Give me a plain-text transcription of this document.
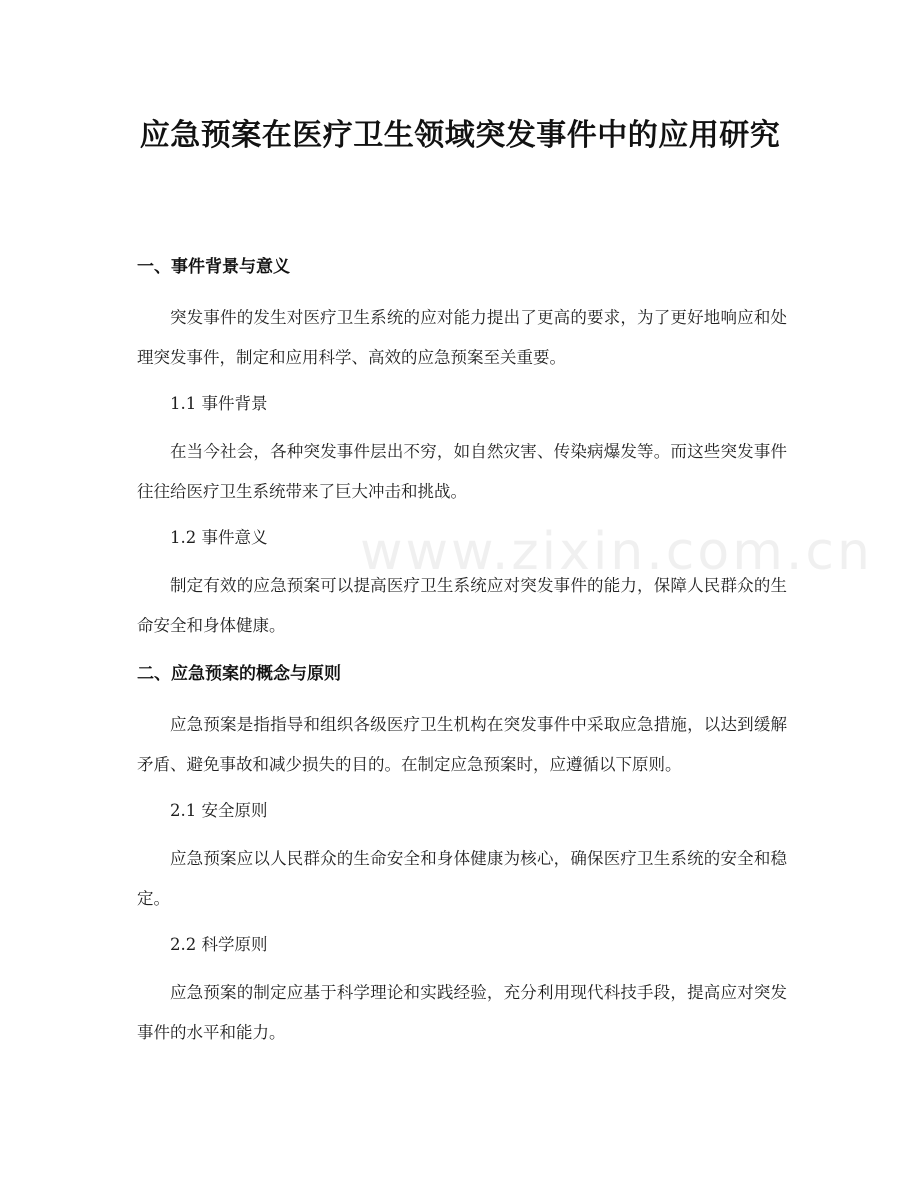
www.zixin.com.cn
应急预案在医疗卫生领域突发事件中的应用研究
一、事件背景与意义
突发事件的发生对医疗卫生系统的应对能力提出了更高的要求，为了更好地响应和处理突发事件，制定和应用科学、高效的应急预案至关重要。
1.1 事件背景
在当今社会，各种突发事件层出不穷，如自然灾害、传染病爆发等。而这些突发事件往往给医疗卫生系统带来了巨大冲击和挑战。
1.2 事件意义
制定有效的应急预案可以提高医疗卫生系统应对突发事件的能力，保障人民群众的生命安全和身体健康。
二、应急预案的概念与原则
应急预案是指指导和组织各级医疗卫生机构在突发事件中采取应急措施，以达到缓解矛盾、避免事故和减少损失的目的。在制定应急预案时，应遵循以下原则。
2.1 安全原则
应急预案应以人民群众的生命安全和身体健康为核心，确保医疗卫生系统的安全和稳定。
2.2 科学原则
应急预案的制定应基于科学理论和实践经验，充分利用现代科技手段，提高应对突发事件的水平和能力。
